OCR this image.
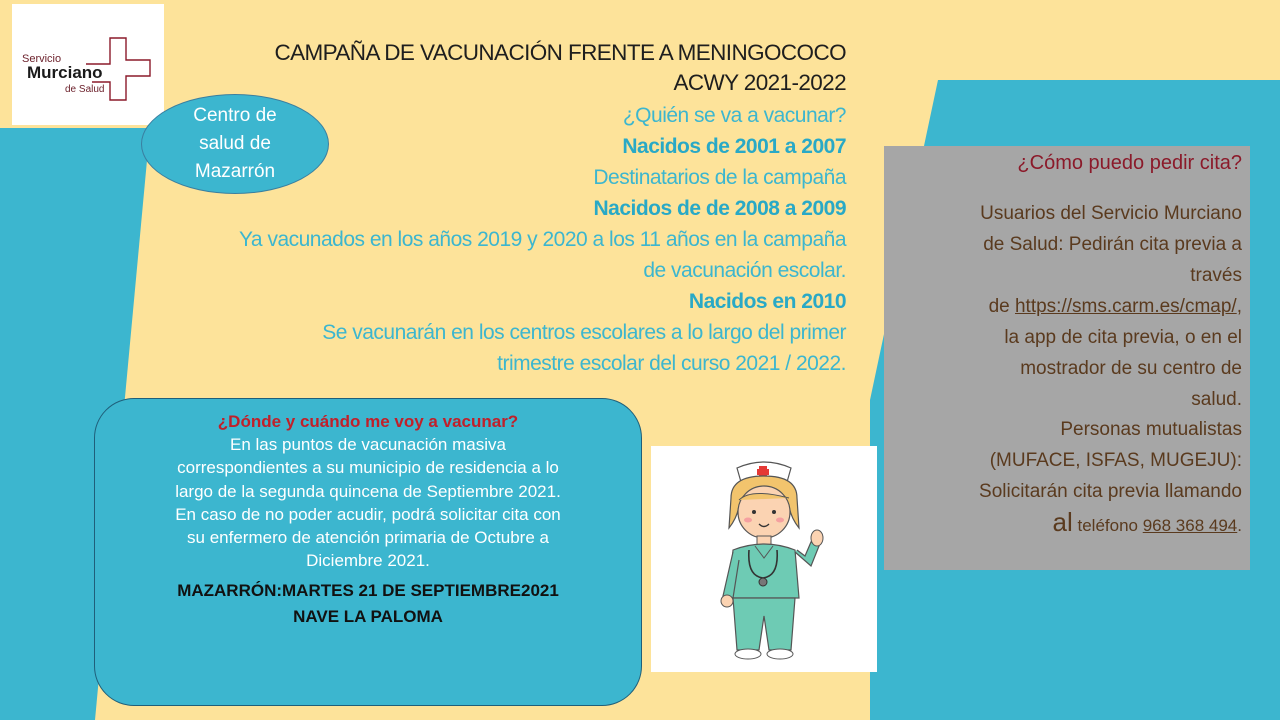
Servicio
Murciano
de Salud
Centro de salud de Mazarrón
CAMPAÑA DE VACUNACIÓN FRENTE A MENINGOCOCO
ACWY 2021-2022
¿Quién se va a vacunar?
Nacidos de 2001 a 2007
Destinatarios de la campaña
Nacidos de de 2008 a 2009
Ya vacunados en los años 2019 y 2020 a los 11 años en la campaña
de vacunación escolar.
Nacidos en 2010
Se vacunarán en los centros escolares a lo largo del primer
trimestre escolar del curso 2021 / 2022.
¿Cómo puedo pedir cita?
Usuarios del Servicio Murciano
de Salud: Pedirán cita previa a
través
de https://sms.carm.es/cmap/,
la app de cita previa, o en el
mostrador de su centro de
salud.
Personas mutualistas
(MUFACE, ISFAS, MUGEJU):
Solicitarán cita previa llamando
al teléfono 968 368 494.
¿Dónde y cuándo me voy a vacunar?
En las puntos de vacunación masiva
correspondientes a su municipio de residencia a lo
largo de la segunda quincena de Septiembre 2021.
En caso de no poder acudir, podrá solicitar cita con
su enfermero de atención primaria de Octubre a
Diciembre 2021.
MAZARRÓN:MARTES 21 DE SEPTIEMBRE2021
NAVE LA PALOMA
